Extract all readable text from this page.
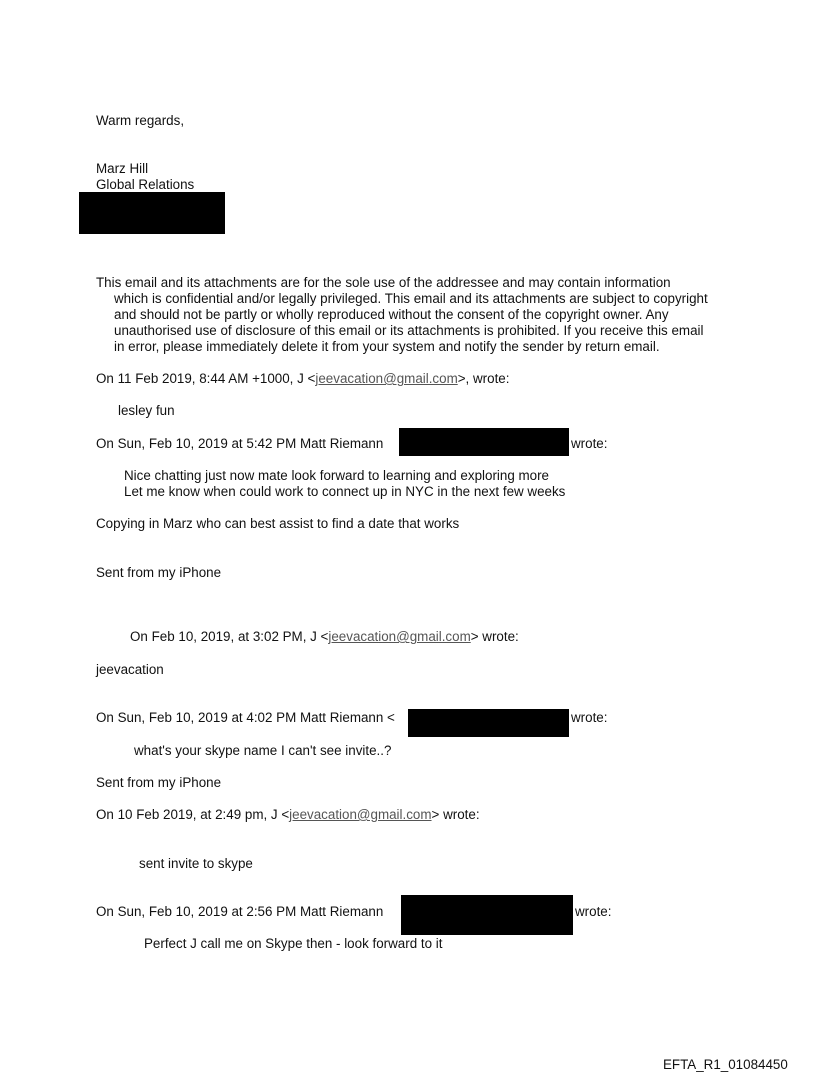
Warm regards,
Marz Hill
Global Relations
This email and its attachments are for the sole use of the addressee and may contain information
which is confidential and/or legally privileged. This email and its attachments are subject to copyright and should not be partly or wholly reproduced without the consent of the copyright owner. Any unauthorised use of disclosure of this email or its attachments is prohibited. If you receive this email in error, please immediately delete it from your system and notify the sender by return email.
On 11 Feb 2019, 8:44 AM +1000, J <jeevacation@gmail.com>, wrote:
lesley fun
On Sun, Feb 10, 2019 at 5:42 PM Matt Riemann	wrote:
Nice chatting just now mate look forward to learning and exploring more
Let me know when could work to connect up in NYC in the next few weeks
Copying in Marz who can best assist to find a date that works
Sent from my iPhone
On Feb 10, 2019, at 3:02 PM, J <jeevacation@gmail.com> wrote:
jeevacation
On Sun, Feb 10, 2019 at 4:02 PM Matt Riemann <	wrote:
what's your skype name I can't see invite..?
Sent from my iPhone
On 10 Feb 2019, at 2:49 pm, J <jeevacation@gmail.com> wrote:
sent invite to skype
On Sun, Feb 10, 2019 at 2:56 PM Matt Riemann	wrote:
Perfect J call me on Skype then - look forward to it
EFTA_R1_01084450
